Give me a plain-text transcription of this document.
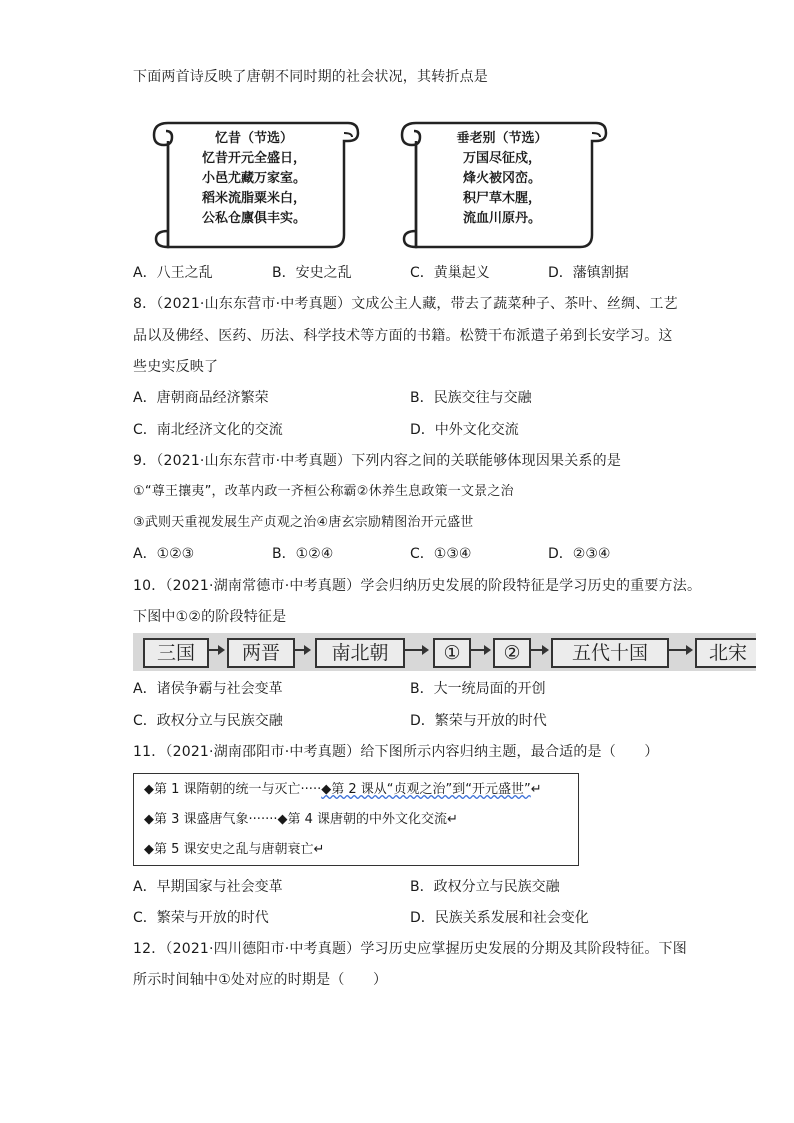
下面两首诗反映了唐朝不同时期的社会状况，其转折点是
忆昔（节选）
忆昔开元全盛日，
小邑尤藏万家室。
稻米流脂粟米白，
公私仓廪俱丰实。
垂老别（节选）
万国尽征戍，
烽火被冈峦。
积尸草木腥，
流血川原丹。
A．八王之乱	B．安史之乱	C．黄巢起义	D．藩镇割据
8．（2021·山东东营市·中考真题）文成公主人藏，带去了蔬菜种子、茶叶、丝绸、工艺
品以及佛经、医药、历法、科学技术等方面的书籍。松赞干布派遣子弟到长安学习。这
些史实反映了
A．唐朝商品经济繁荣	B．民族交往与交融
C．南北经济文化的交流	D．中外文化交流
9．（2021·山东东营市·中考真题）下列内容之间的关联能够体现因果关系的是
①“尊王攘夷”，改革内政一齐桓公称霸②休养生息政策一文景之治
③武则天重视发展生产贞观之治④唐玄宗励精图治开元盛世
A．①②③	B．①②④	C．①③④	D．②③④
10．（2021·湖南常德市·中考真题）学会归纳历史发展的阶段特征是学习历史的重要方法。
下图中①②的阶段特征是
三国	两晋	南北朝	①	②	五代十国	北宋
A．诸侯争霸与社会变革	B．大一统局面的开创
C．政权分立与民族交融	D．繁荣与开放的时代
11．（2021·湖南邵阳市·中考真题）给下图所示内容归纳主题，最合适的是（　　）
◆第 1 课隋朝的统一与灭亡·····◆第 2 课从“贞观之治”到“开元盛世”↵
◆第 3 课盛唐气象·······◆第 4 课唐朝的中外文化交流↵
◆第 5 课安史之乱与唐朝衰亡↵
A．早期国家与社会变革	B．政权分立与民族交融
C．繁荣与开放的时代	D．民族关系发展和社会变化
12．（2021·四川德阳市·中考真题）学习历史应掌握历史发展的分期及其阶段特征。下图
所示时间轴中①处对应的时期是（　　）
